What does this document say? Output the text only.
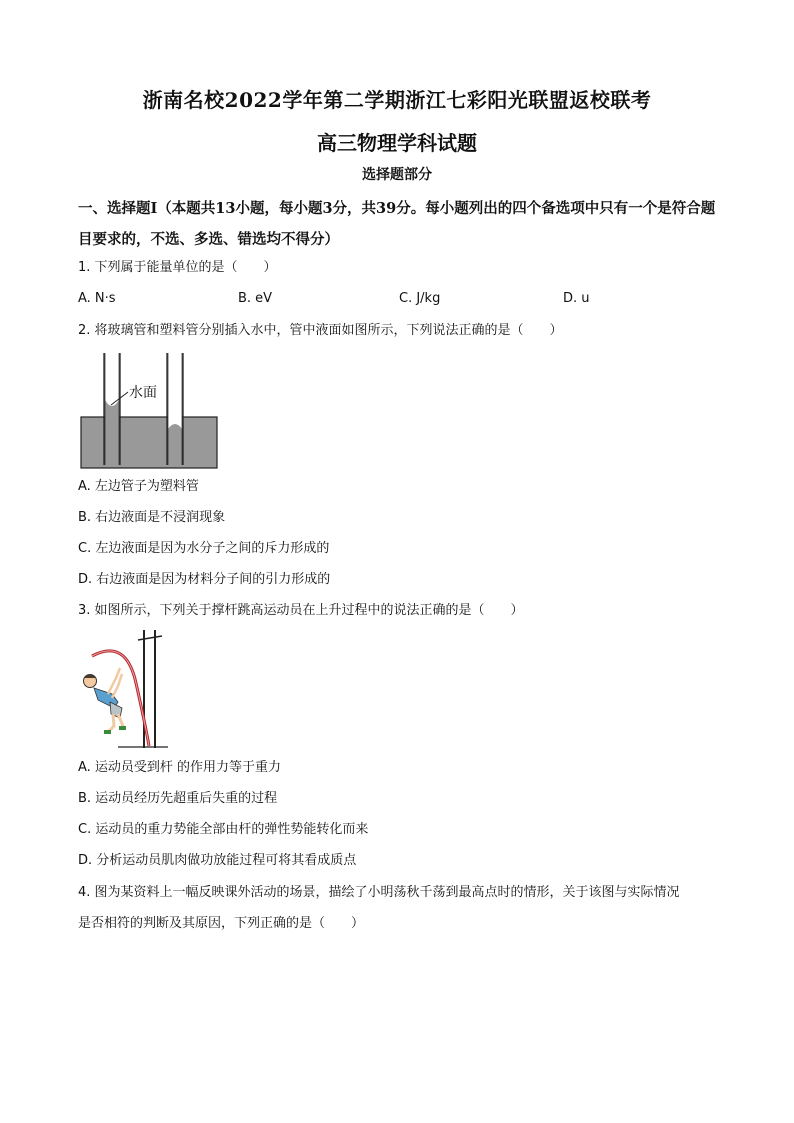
浙南名校2022学年第二学期浙江七彩阳光联盟返校联考
高三物理学科试题
选择题部分
一、选择题Ⅰ（本题共13小题，每小题3分，共39分。每小题列出的四个备选项中只有一个是符合题目要求的，不选、多选、错选均不得分）
1. 下列属于能量单位的是（　　）
A. N·s	B. eV	C. J/kg	D. u
2. 将玻璃管和塑料管分别插入水中，管中液面如图所示，下列说法正确的是（　　）
水面
A. 左边管子为塑料管
B. 右边液面是不浸润现象
C. 左边液面是因为水分子之间的斥力形成的
D. 右边液面是因为材料分子间的引力形成的
3. 如图所示，下列关于撑杆跳高运动员在上升过程中的说法正确的是（　　）
A. 运动员受到杆 的作用力等于重力
B. 运动员经历先超重后失重的过程
C. 运动员的重力势能全部由杆的弹性势能转化而来
D. 分析运动员肌肉做功放能过程可将其看成质点
4. 图为某资料上一幅反映课外活动的场景，描绘了小明荡秋千荡到最高点时的情形，关于该图与实际情况
是否相符的判断及其原因，下列正确的是（　　）
